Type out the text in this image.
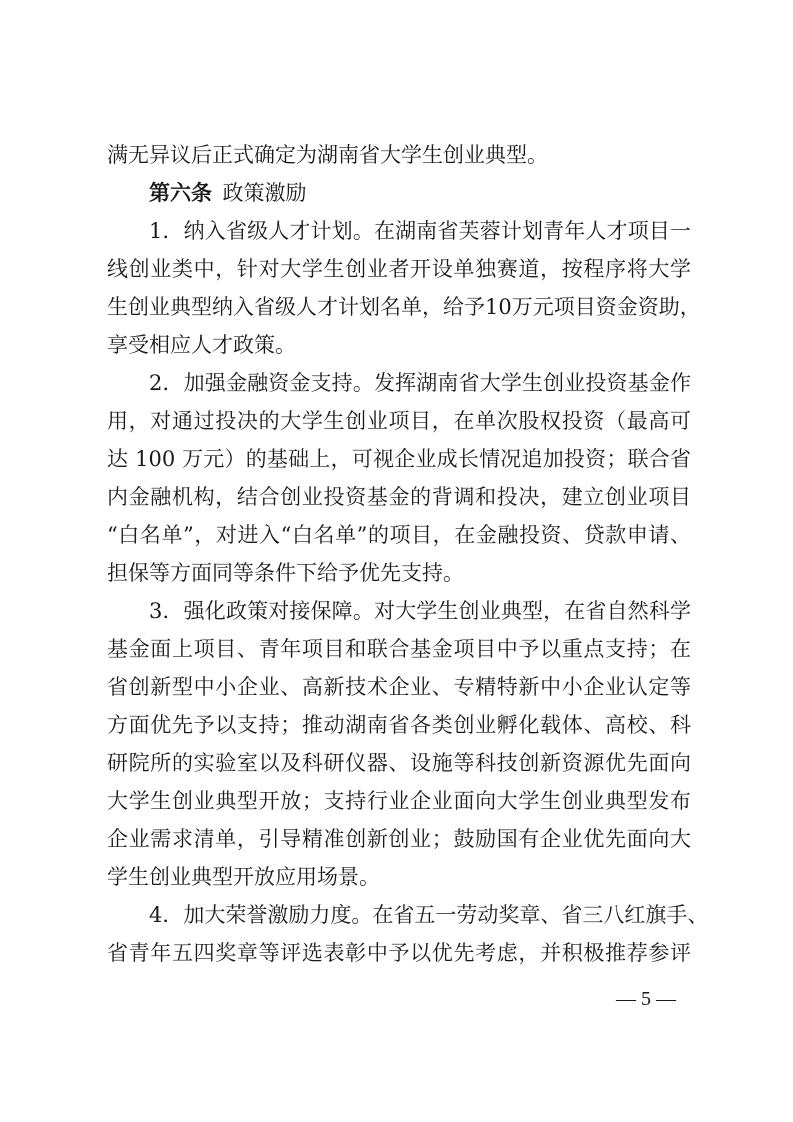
满无异议后正式确定为湖南省大学生创业典型。
第六条  政策激励
1．纳入省级人才计划。在湖南省芙蓉计划青年人才项目一
线创业类中，针对大学生创业者开设单独赛道，按程序将大学
生创业典型纳入省级人才计划名单，给予10万元项目资金资助，
享受相应人才政策。
2．加强金融资金支持。发挥湖南省大学生创业投资基金作
用，对通过投决的大学生创业项目，在单次股权投资（最高可
达 100 万元）的基础上，可视企业成长情况追加投资；联合省
内金融机构，结合创业投资基金的背调和投决，建立创业项目
“白名单”，对进入“白名单”的项目，在金融投资、贷款申请、
担保等方面同等条件下给予优先支持。
3．强化政策对接保障。对大学生创业典型，在省自然科学
基金面上项目、青年项目和联合基金项目中予以重点支持；在
省创新型中小企业、高新技术企业、专精特新中小企业认定等
方面优先予以支持；推动湖南省各类创业孵化载体、高校、科
研院所的实验室以及科研仪器、设施等科技创新资源优先面向
大学生创业典型开放；支持行业企业面向大学生创业典型发布
企业需求清单，引导精准创新创业；鼓励国有企业优先面向大
学生创业典型开放应用场景。
4．加大荣誉激励力度。在省五一劳动奖章、省三八红旗手、
省青年五四奖章等评选表彰中予以优先考虑，并积极推荐参评
— 5 —
